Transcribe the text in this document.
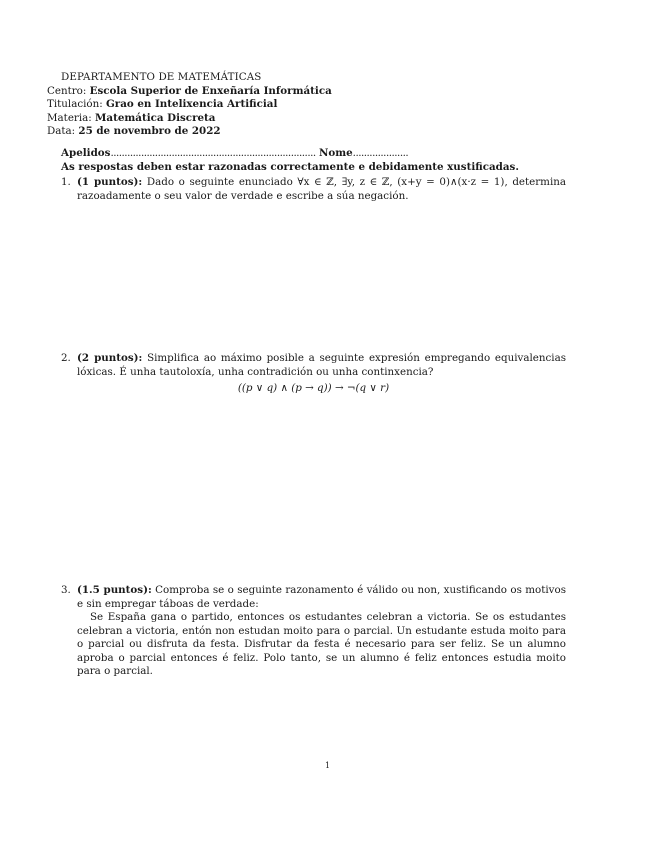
DEPARTAMENTO DE MATEMÁTICAS
Centro: Escola Superior de Enxeñaría Informática
Titulación: Grao en Intelixencia Artificial
Materia: Matemática Discreta
Data: 25 de novembro de 2022
Apelidos.......................................................................... Nome....................
As respostas deben estar razonadas correctamente e debidamente xustificadas.
1. (1 puntos): Dado o seguinte enunciado ∀x ∈ ℤ, ∃y, z ∈ ℤ, (x+y = 0)∧(x·z = 1), determina razoadamente o seu valor de verdade e escribe a súa negación.
2. (2 puntos): Simplifica ao máximo posible a seguinte expresión empregando equivalencias lóxicas. É unha tautoloxía, unha contradición ou unha continxencia?
((p ∨ q) ∧ (p → q)) → ¬(q ∨ r)
3. (1.5 puntos): Comproba se o seguinte razonamento é válido ou non, xustificando os motivos e sin empregar táboas de verdade:
Se España gana o partido, entonces os estudantes celebran a victoria. Se os estudantes celebran a victoria, entón non estudan moito para o parcial. Un estudante estuda moito para o parcial ou disfruta da festa. Disfrutar da festa é necesario para ser feliz. Se un alumno aproba o parcial entonces é feliz. Polo tanto, se un alumno é feliz entonces estudia moito para o parcial.
1
